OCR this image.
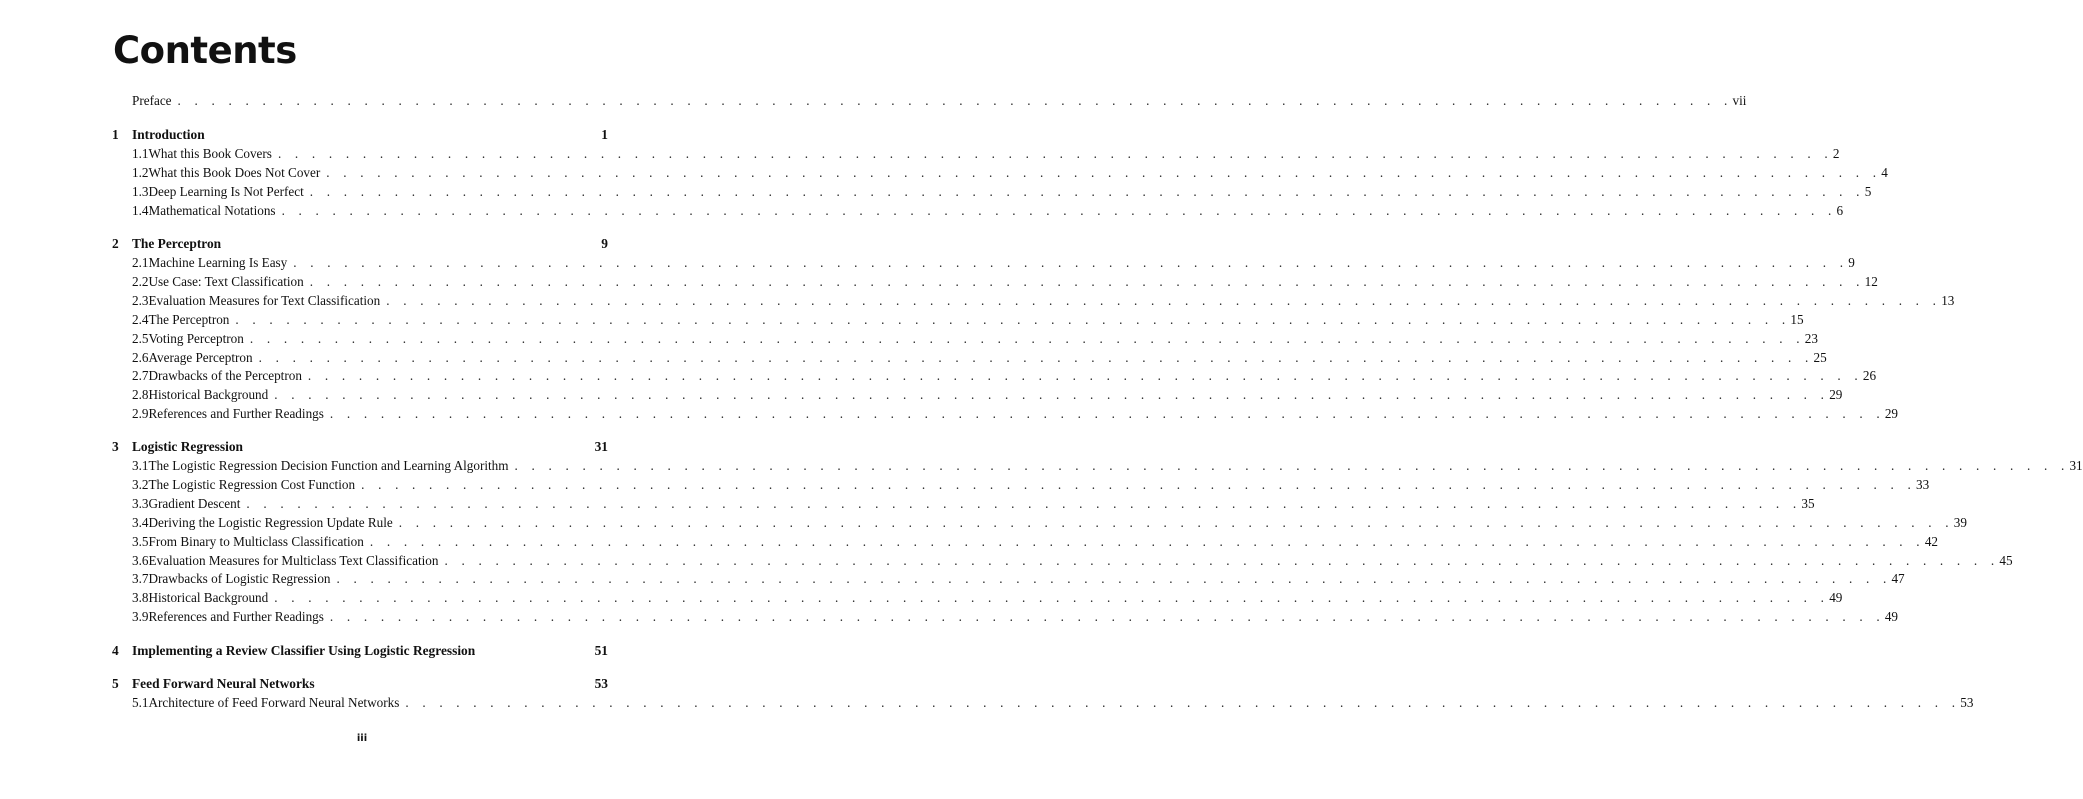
Contents
Preface . . . . . . . . . . . . . . . . . . . . . . . . . . . . . . . . . . . . . . . . . . . . . . . . . . . . . . . . . . . . . . . . . . . . . . . . . . . . . . . . . . . . . . . . . . . . vii
1 Introduction	1
1.1 What this Book Covers . . . . . . . . . . . . . . . . . . . . . . . . . . . . . . . . . . . . . . . . . . . . . . . . . . . . . . . . . . . . . . . . . . . . . . . . . . . . . . . . . . . . . . . . . . . . 2
1.2 What this Book Does Not Cover . . . . . . . . . . . . . . . . . . . . . . . . . . . . . . . . . . . . . . . . . . . . . . . . . . . . . . . . . . . . . . . . . . . . . . . . . . . . . . . . . . . . . . . . . . . . 4
1.3 Deep Learning Is Not Perfect . . . . . . . . . . . . . . . . . . . . . . . . . . . . . . . . . . . . . . . . . . . . . . . . . . . . . . . . . . . . . . . . . . . . . . . . . . . . . . . . . . . . . . . . . . . . 5
1.4 Mathematical Notations . . . . . . . . . . . . . . . . . . . . . . . . . . . . . . . . . . . . . . . . . . . . . . . . . . . . . . . . . . . . . . . . . . . . . . . . . . . . . . . . . . . . . . . . . . . . 6
2 The Perceptron	9
2.1 Machine Learning Is Easy . . . . . . . . . . . . . . . . . . . . . . . . . . . . . . . . . . . . . . . . . . . . . . . . . . . . . . . . . . . . . . . . . . . . . . . . . . . . . . . . . . . . . . . . . . . . 9
2.2 Use Case: Text Classification . . . . . . . . . . . . . . . . . . . . . . . . . . . . . . . . . . . . . . . . . . . . . . . . . . . . . . . . . . . . . . . . . . . . . . . . . . . . . . . . . . . . . . . . . . . . 12
2.3 Evaluation Measures for Text Classification . . . . . . . . . . . . . . . . . . . . . . . . . . . . . . . . . . . . . . . . . . . . . . . . . . . . . . . . . . . . . . . . . . . . . . . . . . . . . . . . . . . . . . . . . . . . 13
2.4 The Perceptron . . . . . . . . . . . . . . . . . . . . . . . . . . . . . . . . . . . . . . . . . . . . . . . . . . . . . . . . . . . . . . . . . . . . . . . . . . . . . . . . . . . . . . . . . . . . 15
2.5 Voting Perceptron . . . . . . . . . . . . . . . . . . . . . . . . . . . . . . . . . . . . . . . . . . . . . . . . . . . . . . . . . . . . . . . . . . . . . . . . . . . . . . . . . . . . . . . . . . . . 23
2.6 Average Perceptron . . . . . . . . . . . . . . . . . . . . . . . . . . . . . . . . . . . . . . . . . . . . . . . . . . . . . . . . . . . . . . . . . . . . . . . . . . . . . . . . . . . . . . . . . . . . 25
2.7 Drawbacks of the Perceptron . . . . . . . . . . . . . . . . . . . . . . . . . . . . . . . . . . . . . . . . . . . . . . . . . . . . . . . . . . . . . . . . . . . . . . . . . . . . . . . . . . . . . . . . . . . . 26
2.8 Historical Background . . . . . . . . . . . . . . . . . . . . . . . . . . . . . . . . . . . . . . . . . . . . . . . . . . . . . . . . . . . . . . . . . . . . . . . . . . . . . . . . . . . . . . . . . . . . 29
2.9 References and Further Readings . . . . . . . . . . . . . . . . . . . . . . . . . . . . . . . . . . . . . . . . . . . . . . . . . . . . . . . . . . . . . . . . . . . . . . . . . . . . . . . . . . . . . . . . . . . . 29
3 Logistic Regression	31
3.1 The Logistic Regression Decision Function and Learning Algorithm . . . . . . . . . . . . . . . . . . . . . . . . . . . . . . . . . . . . . . . . . . . . . . . . . . . . . . . . . . . . . . . . . . . . . . . . . . . . . . . . . . . . . . . . . . . . 31
3.2 The Logistic Regression Cost Function . . . . . . . . . . . . . . . . . . . . . . . . . . . . . . . . . . . . . . . . . . . . . . . . . . . . . . . . . . . . . . . . . . . . . . . . . . . . . . . . . . . . . . . . . . . . 33
3.3 Gradient Descent . . . . . . . . . . . . . . . . . . . . . . . . . . . . . . . . . . . . . . . . . . . . . . . . . . . . . . . . . . . . . . . . . . . . . . . . . . . . . . . . . . . . . . . . . . . . 35
3.4 Deriving the Logistic Regression Update Rule . . . . . . . . . . . . . . . . . . . . . . . . . . . . . . . . . . . . . . . . . . . . . . . . . . . . . . . . . . . . . . . . . . . . . . . . . . . . . . . . . . . . . . . . . . . . 39
3.5 From Binary to Multiclass Classification . . . . . . . . . . . . . . . . . . . . . . . . . . . . . . . . . . . . . . . . . . . . . . . . . . . . . . . . . . . . . . . . . . . . . . . . . . . . . . . . . . . . . . . . . . . . 42
3.6 Evaluation Measures for Multiclass Text Classification . . . . . . . . . . . . . . . . . . . . . . . . . . . . . . . . . . . . . . . . . . . . . . . . . . . . . . . . . . . . . . . . . . . . . . . . . . . . . . . . . . . . . . . . . . . . 45
3.7 Drawbacks of Logistic Regression . . . . . . . . . . . . . . . . . . . . . . . . . . . . . . . . . . . . . . . . . . . . . . . . . . . . . . . . . . . . . . . . . . . . . . . . . . . . . . . . . . . . . . . . . . . . 47
3.8 Historical Background . . . . . . . . . . . . . . . . . . . . . . . . . . . . . . . . . . . . . . . . . . . . . . . . . . . . . . . . . . . . . . . . . . . . . . . . . . . . . . . . . . . . . . . . . . . . 49
3.9 References and Further Readings . . . . . . . . . . . . . . . . . . . . . . . . . . . . . . . . . . . . . . . . . . . . . . . . . . . . . . . . . . . . . . . . . . . . . . . . . . . . . . . . . . . . . . . . . . . . 49
4 Implementing a Review Classifier Using Logistic Regression	51
5 Feed Forward Neural Networks	53
5.1 Architecture of Feed Forward Neural Networks . . . . . . . . . . . . . . . . . . . . . . . . . . . . . . . . . . . . . . . . . . . . . . . . . . . . . . . . . . . . . . . . . . . . . . . . . . . . . . . . . . . . . . . . . . . . 53
iii
